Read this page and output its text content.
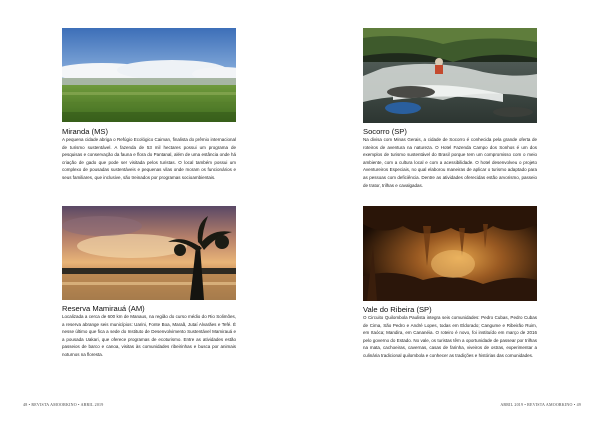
Miranda (MS)

A pequena cidade abriga o Refúgio Ecológico Caiman, finalista do prêmio internacional de turismo sustentável. A fazenda de 53 mil hectares possui um programa de pesquisas e conservação da fauna e flora do Pantanal, além de uma estância onde há criação de gado que pode ser visitada pelos turistas. O local também possui um complexo de pousadas sustentáveis e pequenas vilas onde moram os funcionários e seus familiares, que inclusive, são treinados por programas socioambientais.

Socorro (SP)

Na divisa com Minas Gerais, a cidade de Socorro é conhecida pela grande oferta de roteiros de aventura na natureza. O Hotel Fazenda Campo dos Sonhos é um dos exemplos de turismo sustentável do Brasil porque tem um compromisso com o meio ambiente, com a cultura local e com a acessibilidade. O hotel desenvolveu o projeto Aventureiros Especiais, no qual elaborou maneiras de aplicar o turismo adaptado para as pessoas com deficiência. Dentre as atividades oferecidas estão arvorismo, passeio de trator, trilhas e cavalgadas.

Reserva Mamirauá (AM)

Localizada a cerca de 600 km de Manaus, na região do curso médio do Rio Solimões, a reserva abrange seis municípios: Uarini, Fonte Boa, Maraã, Jutaí Alvarães e Tefé. É nesse último que fica a sede do Instituto de Desenvolvimento Sustentável Mamirauá e a pousada Uakari, que oferece programas de ecoturismo. Entre as atividades estão passeios de barco e canoa, visitas às comunidades ribeirinhas e busca por animais noturnos na floresta.

Vale do Ribeira (SP)

O Circuito Quilombola Paulista integra seis comunidades: Pedro Cubas, Pedro Cubas de Cima, São Pedro e André Lopes, todas em Eldorado; Cangume e Ribeirão Ruim, em Itaóca; Mandira, em Cananéia. O roteiro é novo, foi instituído em março de 2016 pelo governo do Estado. No vale, os turistas têm a oportunidade de passear por trilhas na mata, cachoeiras, cavernas, casas de farinha, viveiros de ostras, experimentar a culinária tradicional quilombola e conhecer as tradições e histórias das comunidades.

48 • REVISTA AMOORKINO • ABRIL 2019	ABRIL 2019 • REVISTA AMOORKINO • 49
